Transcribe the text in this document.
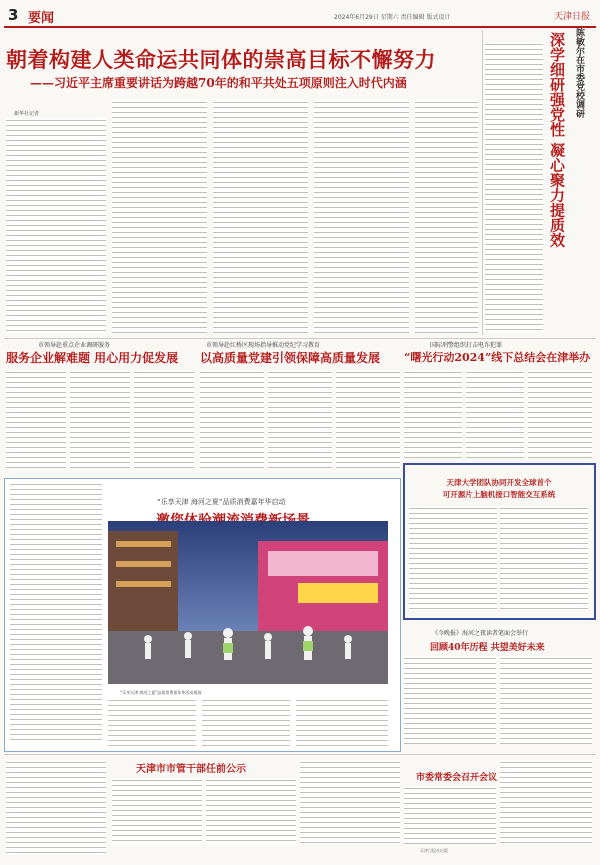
3 要闻	2024年6月29日 星期六 责任编辑 版式设计	天津日报
朝着构建人类命运共同体的崇高目标不懈努力
——习近平主席重要讲话为跨越70年的和平共处五项原则注入时代内涵
新华社记者	陈敏尔在市委党校调研
深学细研强党性 凝心聚力提质效
市领导赴重点企业调研服务
服务企业解难题 用心用力促发展
市领导赴红桥区现场指导推动党纪学习教育
以高质量党建引领保障高质量发展
国际刑警组织打击电诈犯罪
“曙光行动2024”线下总结会在津举办
“乐享天津 海河之夏”品质消费嘉年华启动
“乐享天津 海河之夏”品质消费嘉年华活动现场
天津大学团队协同开发全球首个
可开源片上脑机接口智能交互系统
《今晚报》海河之夜读者笔面会举行
回顾40年历程 共望美好未来
天津市市管干部任前公示
市委常委会召开会议
天津日报社出版
